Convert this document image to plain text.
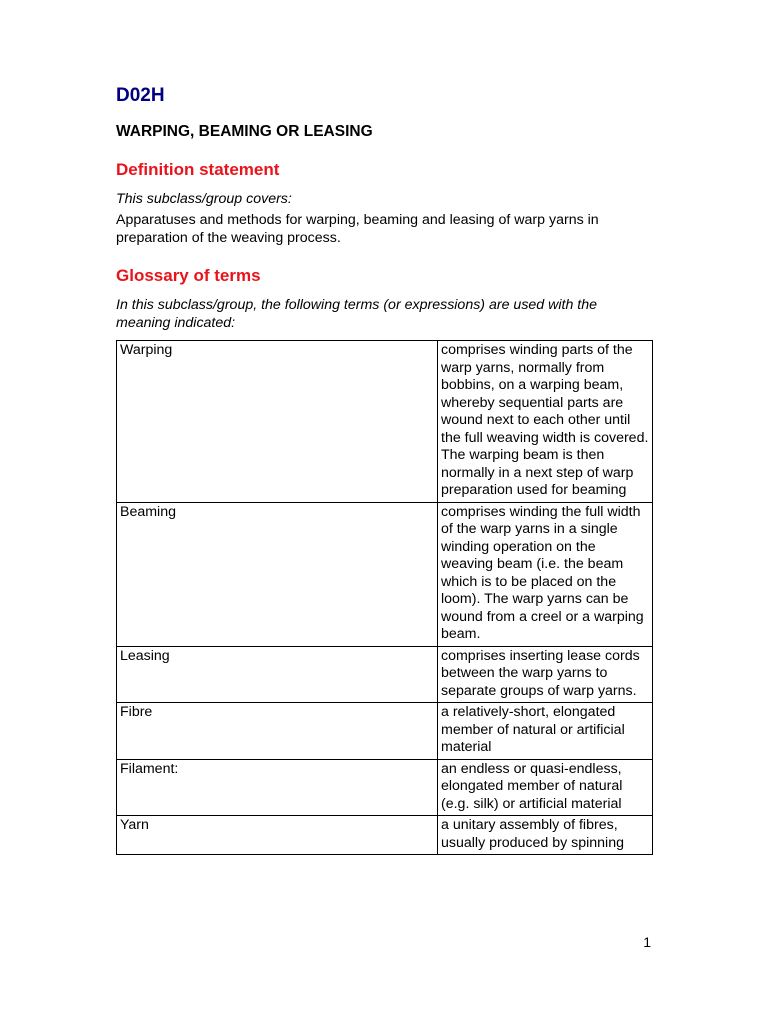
D02H
WARPING, BEAMING OR LEASING
Definition statement

This subclass/group covers:

Apparatuses and methods for warping, beaming and leasing of warp yarns in preparation of the weaving process.

Glossary of terms

In this subclass/group, the following terms (or expressions) are used with the meaning indicated:

Warping	comprises winding parts of the warp yarns, normally from bobbins, on a warping beam, whereby sequential parts are wound next to each other until the full weaving width is covered. The warping beam is then normally in a next step of warp preparation used for beaming
Beaming	comprises winding the full width of the warp yarns in a single winding operation on the weaving beam (i.e. the beam which is to be placed on the loom). The warp yarns can be wound from a creel or a warping beam.
Leasing	comprises inserting lease cords between the warp yarns to separate groups of warp yarns.
Fibre	a relatively-short, elongated member of natural or artificial material
Filament:	an endless or quasi-endless, elongated member of natural (e.g. silk) or artificial material
Yarn	a unitary assembly of fibres, usually produced by spinning
1
